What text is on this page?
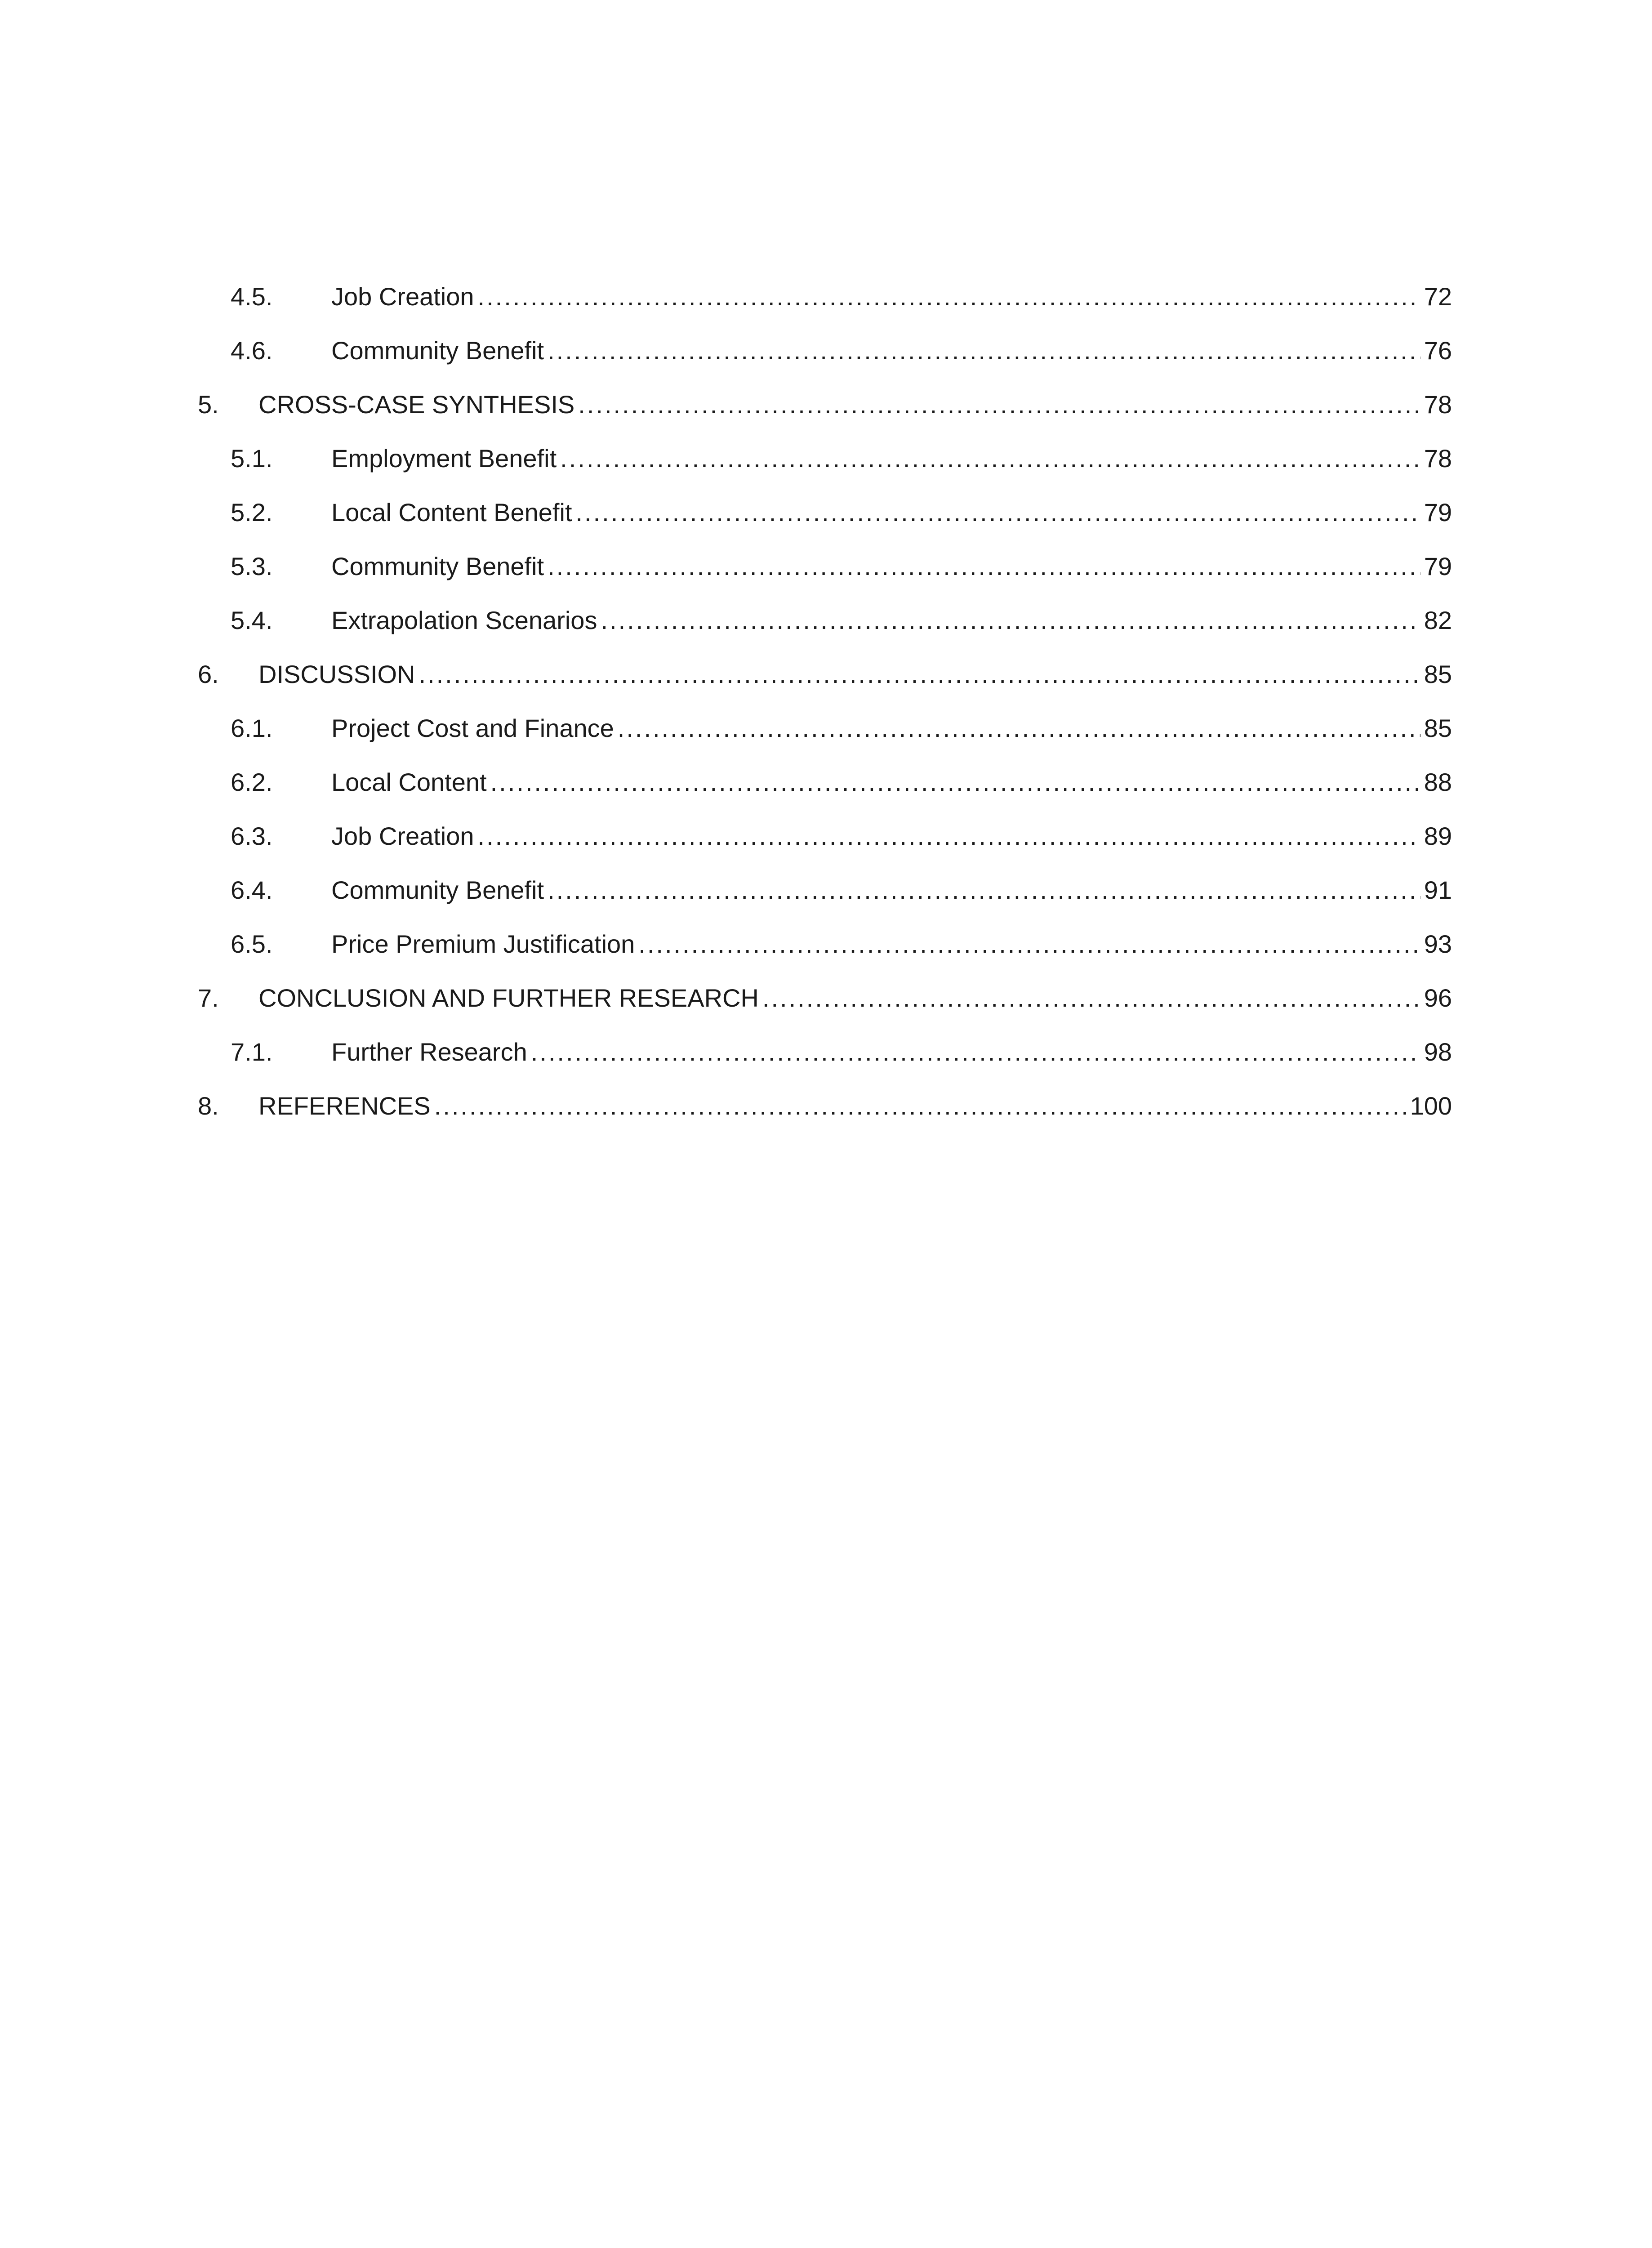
4.5.	Job Creation .....	72
4.6.	Community Benefit .....	76
5.	CROSS-CASE SYNTHESIS .....	78
5.1.	Employment Benefit .....	78
5.2.	Local Content Benefit .....	79
5.3.	Community Benefit .....	79
5.4.	Extrapolation Scenarios .....	82
6.	DISCUSSION .....	85
6.1.	Project Cost and Finance .....	85
6.2.	Local Content .....	88
6.3.	Job Creation .....	89
6.4.	Community Benefit .....	91
6.5.	Price Premium Justification .....	93
7.	CONCLUSION AND FURTHER RESEARCH .....	96
7.1.	Further Research .....	98
8.	REFERENCES .....	100
